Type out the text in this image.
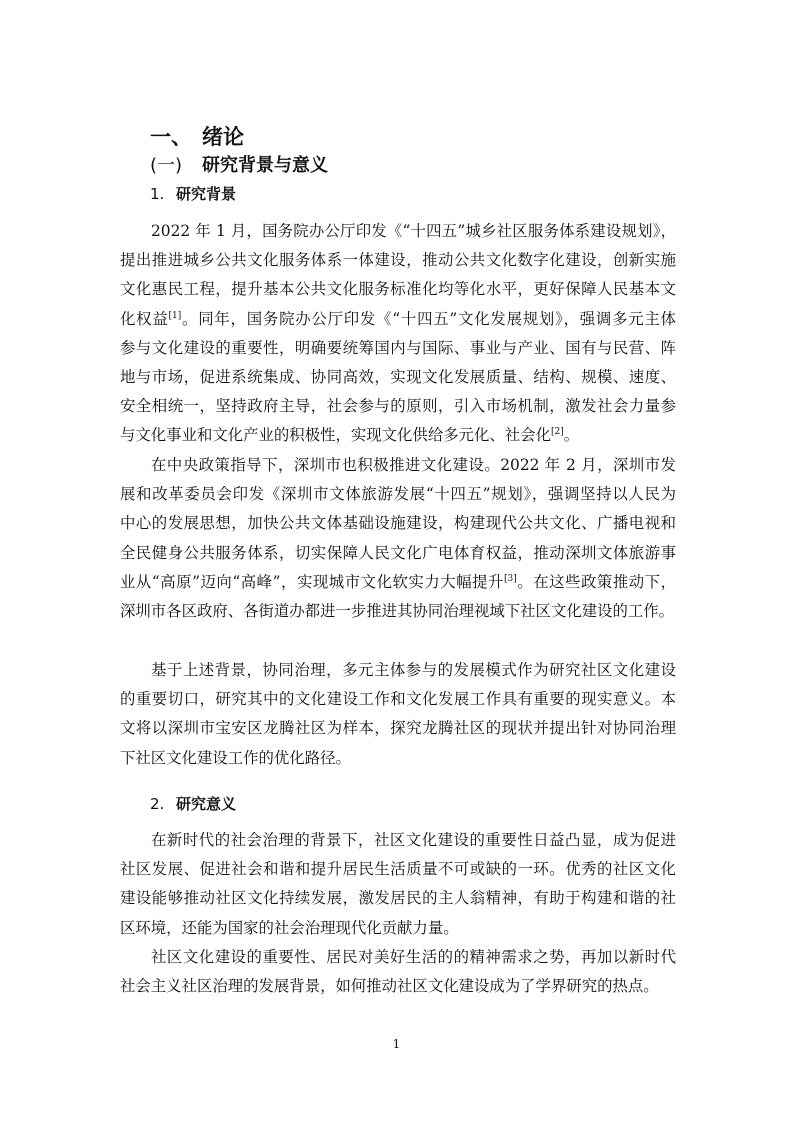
一、 绪论
(一) 研究背景与意义
1. 研究背景
2022 年 1 月，国务院办公厅印发《“十四五”城乡社区服务体系建设规划》，
提出推进城乡公共文化服务体系一体建设，推动公共文化数字化建设，创新实施
文化惠民工程，提升基本公共文化服务标准化均等化水平，更好保障人民基本文
化权益[1]。同年，国务院办公厅印发《“十四五”文化发展规划》，强调多元主体
参与文化建设的重要性，明确要统筹国内与国际、事业与产业、国有与民营、阵
地与市场，促进系统集成、协同高效，实现文化发展质量、结构、规模、速度、
安全相统一，坚持政府主导，社会参与的原则，引入市场机制，激发社会力量参
与文化事业和文化产业的积极性，实现文化供给多元化、社会化[2]。
在中央政策指导下，深圳市也积极推进文化建设。2022 年 2 月，深圳市发
展和改革委员会印发《深圳市文体旅游发展“十四五”规划》，强调坚持以人民为
中心的发展思想，加快公共文体基础设施建设，构建现代公共文化、广播电视和
全民健身公共服务体系，切实保障人民文化广电体育权益，推动深圳文体旅游事
业从“高原”迈向“高峰”，实现城市文化软实力大幅提升[3]。在这些政策推动下，
深圳市各区政府、各街道办都进一步推进其协同治理视域下社区文化建设的工作。
基于上述背景，协同治理，多元主体参与的发展模式作为研究社区文化建设
的重要切口，研究其中的文化建设工作和文化发展工作具有重要的现实意义。本
文将以深圳市宝安区龙腾社区为样本，探究龙腾社区的现状并提出针对协同治理
下社区文化建设工作的优化路径。
2. 研究意义
在新时代的社会治理的背景下，社区文化建设的重要性日益凸显，成为促进
社区发展、促进社会和谐和提升居民生活质量不可或缺的一环。优秀的社区文化
建设能够推动社区文化持续发展，激发居民的主人翁精神，有助于构建和谐的社
区环境，还能为国家的社会治理现代化贡献力量。
社区文化建设的重要性、居民对美好生活的的精神需求之势，再加以新时代
社会主义社区治理的发展背景，如何推动社区文化建设成为了学界研究的热点。
1
